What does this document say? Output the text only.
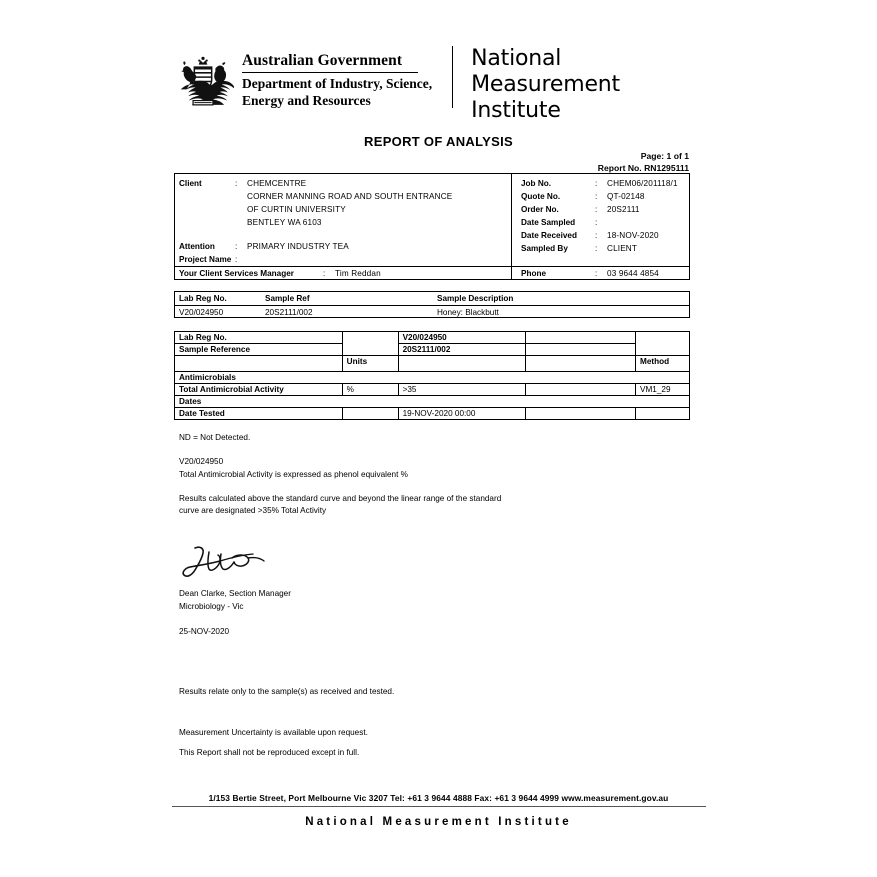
Australian Government
Department of Industry, Science,
Energy and Resources
National
Measurement
Institute
REPORT OF ANALYSIS
Page: 1 of 1
Report No. RN1295111
Client	: CHEMCENTRE
CORNER MANNING ROAD AND SOUTH ENTRANCE
OF CURTIN UNIVERSITY
BENTLEY WA 6103
Attention : PRIMARY INDUSTRY TEA
Project Name :
Your Client Services Manager	: Tim Reddan
Job No.	: CHEM06/201118/1
Quote No.	: QT-02148
Order No.	: 20S2111
Date Sampled :
Date Received : 18-NOV-2020
Sampled By	: CLIENT
Phone	: 03 9644 4854
Lab Reg No.	Sample Ref	Sample Description
V20/024950	20S2111/002	Honey: Blackbutt
Lab Reg No.		V20/024950		
Sample Reference		20S2111/002		
	Units			Method
Antimicrobials				
Total Antimicrobial Activity	%	>35		VM1_29
Dates				
Date Tested		19-NOV-2020 00:00		

ND = Not Detected.

V20/024950

Total Antimicrobial Activity is expressed as phenol equivalent %

Results calculated above the standard curve and beyond the linear range of the standard

curve are designated >35% Total Activity

Dean Clarke, Section Manager
Microbiology - Vic
25-NOV-2020

Results relate only to the sample(s) as received and tested.

Measurement Uncertainty is available upon request.

This Report shall not be reproduced except in full.

1/153 Bertie Street, Port Melbourne Vic 3207 Tel: +61 3 9644 4888 Fax: +61 3 9644 4999 www.measurement.gov.au
National Measurement Institute
